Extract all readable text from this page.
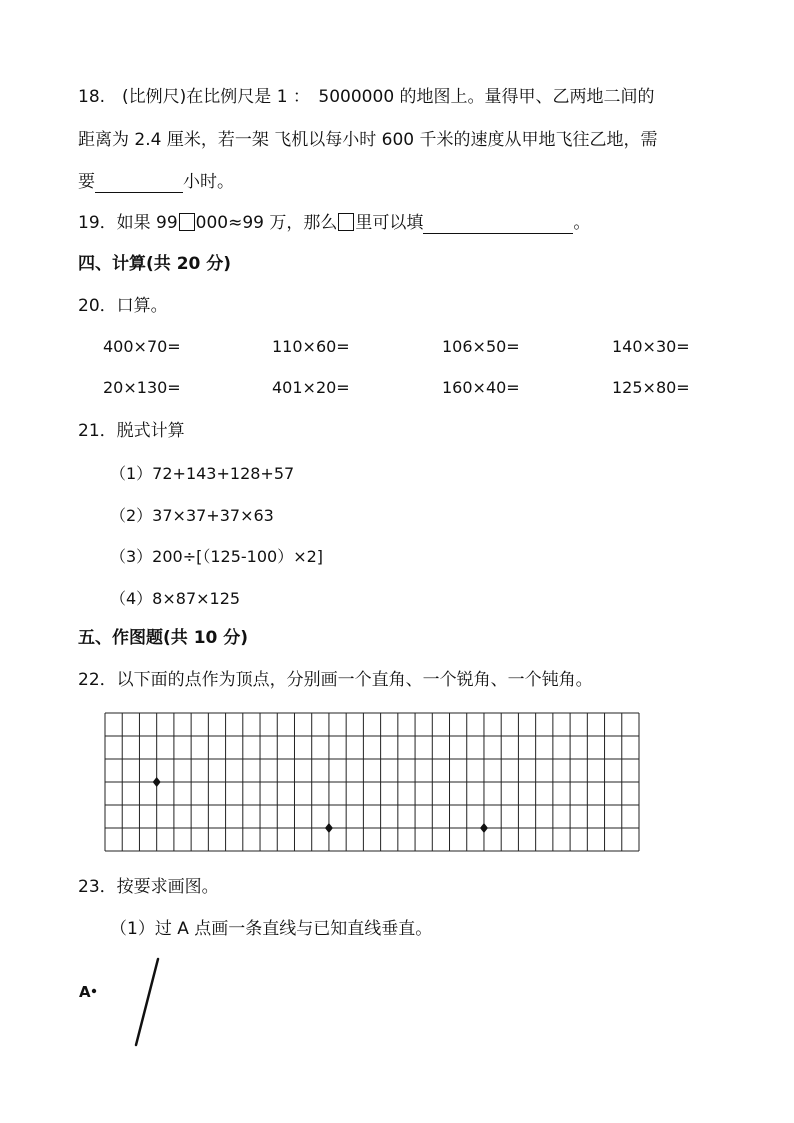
18.　(比例尺)在比例尺是 1 ：　5000000 的地图上。量得甲、乙两地二间的
距离为 2.4 厘米，若一架 飞机以每小时 600 千米的速度从甲地飞往乙地，需
要	小时。
19．如果 99 000≈99 万，那么 里可以填	。
四、计算(共 20 分)
20．口算。
400×70=	110×60=	106×50=	140×30=
20×130=	401×20=	160×40=	125×80=
21．脱式计算
（1）72+143+128+57
（2）37×37+37×63
（3）200÷[（125-100）×2]
（4）8×87×125
五、作图题(共 10 分)
22．以下面的点作为顶点，分别画一个直角、一个锐角、一个钝角。
23．按要求画图。
（1）过 A 点画一条直线与已知直线垂直。
A
